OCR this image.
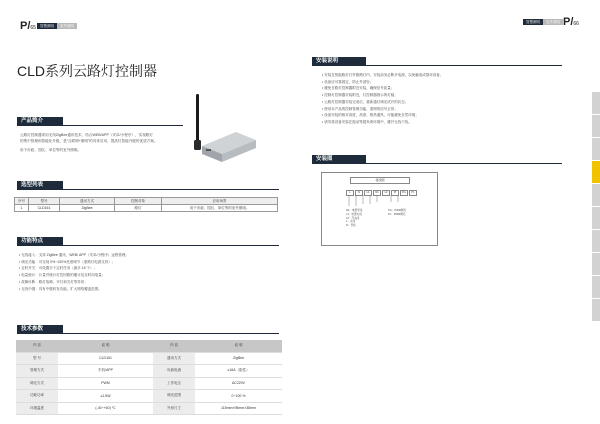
P/65	智慧照明	室外照明
CLD系列云路灯控制器
产品简介
云路灯控制器采用无线ZigBee通讯技术，结合WEB/APP（安卓/小程序），实现路灯
的集中管理和智能化升级，是“互联网+照明”的具体应用，提高灯智能升级的优质方案。
用于市政、园区、单位等的室外照明。
选型列表
序号	型号	通讯方式	控制对象	应用场景
1	CLD161	ZigBee	路灯	用于市政、园区、单位等的室外照明。
功能特点
• 无线接入：支持 ZigBee 通讯，WEB/ APP（安卓/小程序）远程管理；
• 调光功能：可实现 0%~100%亮度调节（需路灯电源支持）；
• 定时开关：可设置多个定时任务（最多 15 个）；
• 电量统计：计量并统计灯控回路的累计及实时用电量；
• 故障诊断：路灯故障，开灯和关灯等异常；
• 无线中继：具有中继转发功能，扩大网络覆盖范围。
技术参数
内 容	说 明	内 容	说 明
型 号	CLD161	通讯方式	ZigBee
管理方式	手机/APP	负载电流	≤16A（阻性）
调光方式	PWM	工作电压	AC220V
功耗功率	≤1.5W	调光范围	0~100 %
环境温度	(-40~+60) ℃	外形尺寸	115mm×95mm×38mm
智慧照明	室外照明 P/66
安装说明
• 安装在智能路灯灯杆箱路灯内，安装前务必断开电源，以免触电或损坏设备；
• 设备应可靠固定，防止外部坠；
• 避免在路灯控制器附近安装，确保信号质量；
• 控制灯控制器安装附近，灯控制器指示的灯稳；
• 云路灯控制器安装完成后，重新通灯调光试开的状态；
• 使用本产品的控制管理功能，需网络信号正常；
• 设备安装的相对高度，高度、散热通风，可能避免自然环境；
• 请勿将设备安装在振动等超负荷环境中，避开无线干扰。
安装图
接线图
L	N	L1	N1	L2	PI	PI+	PI-
N1：电源零线
L1：电源火线
L2：开关线
L：火线
N：零线
PI+：PWM调光
PI-：PWM调光
